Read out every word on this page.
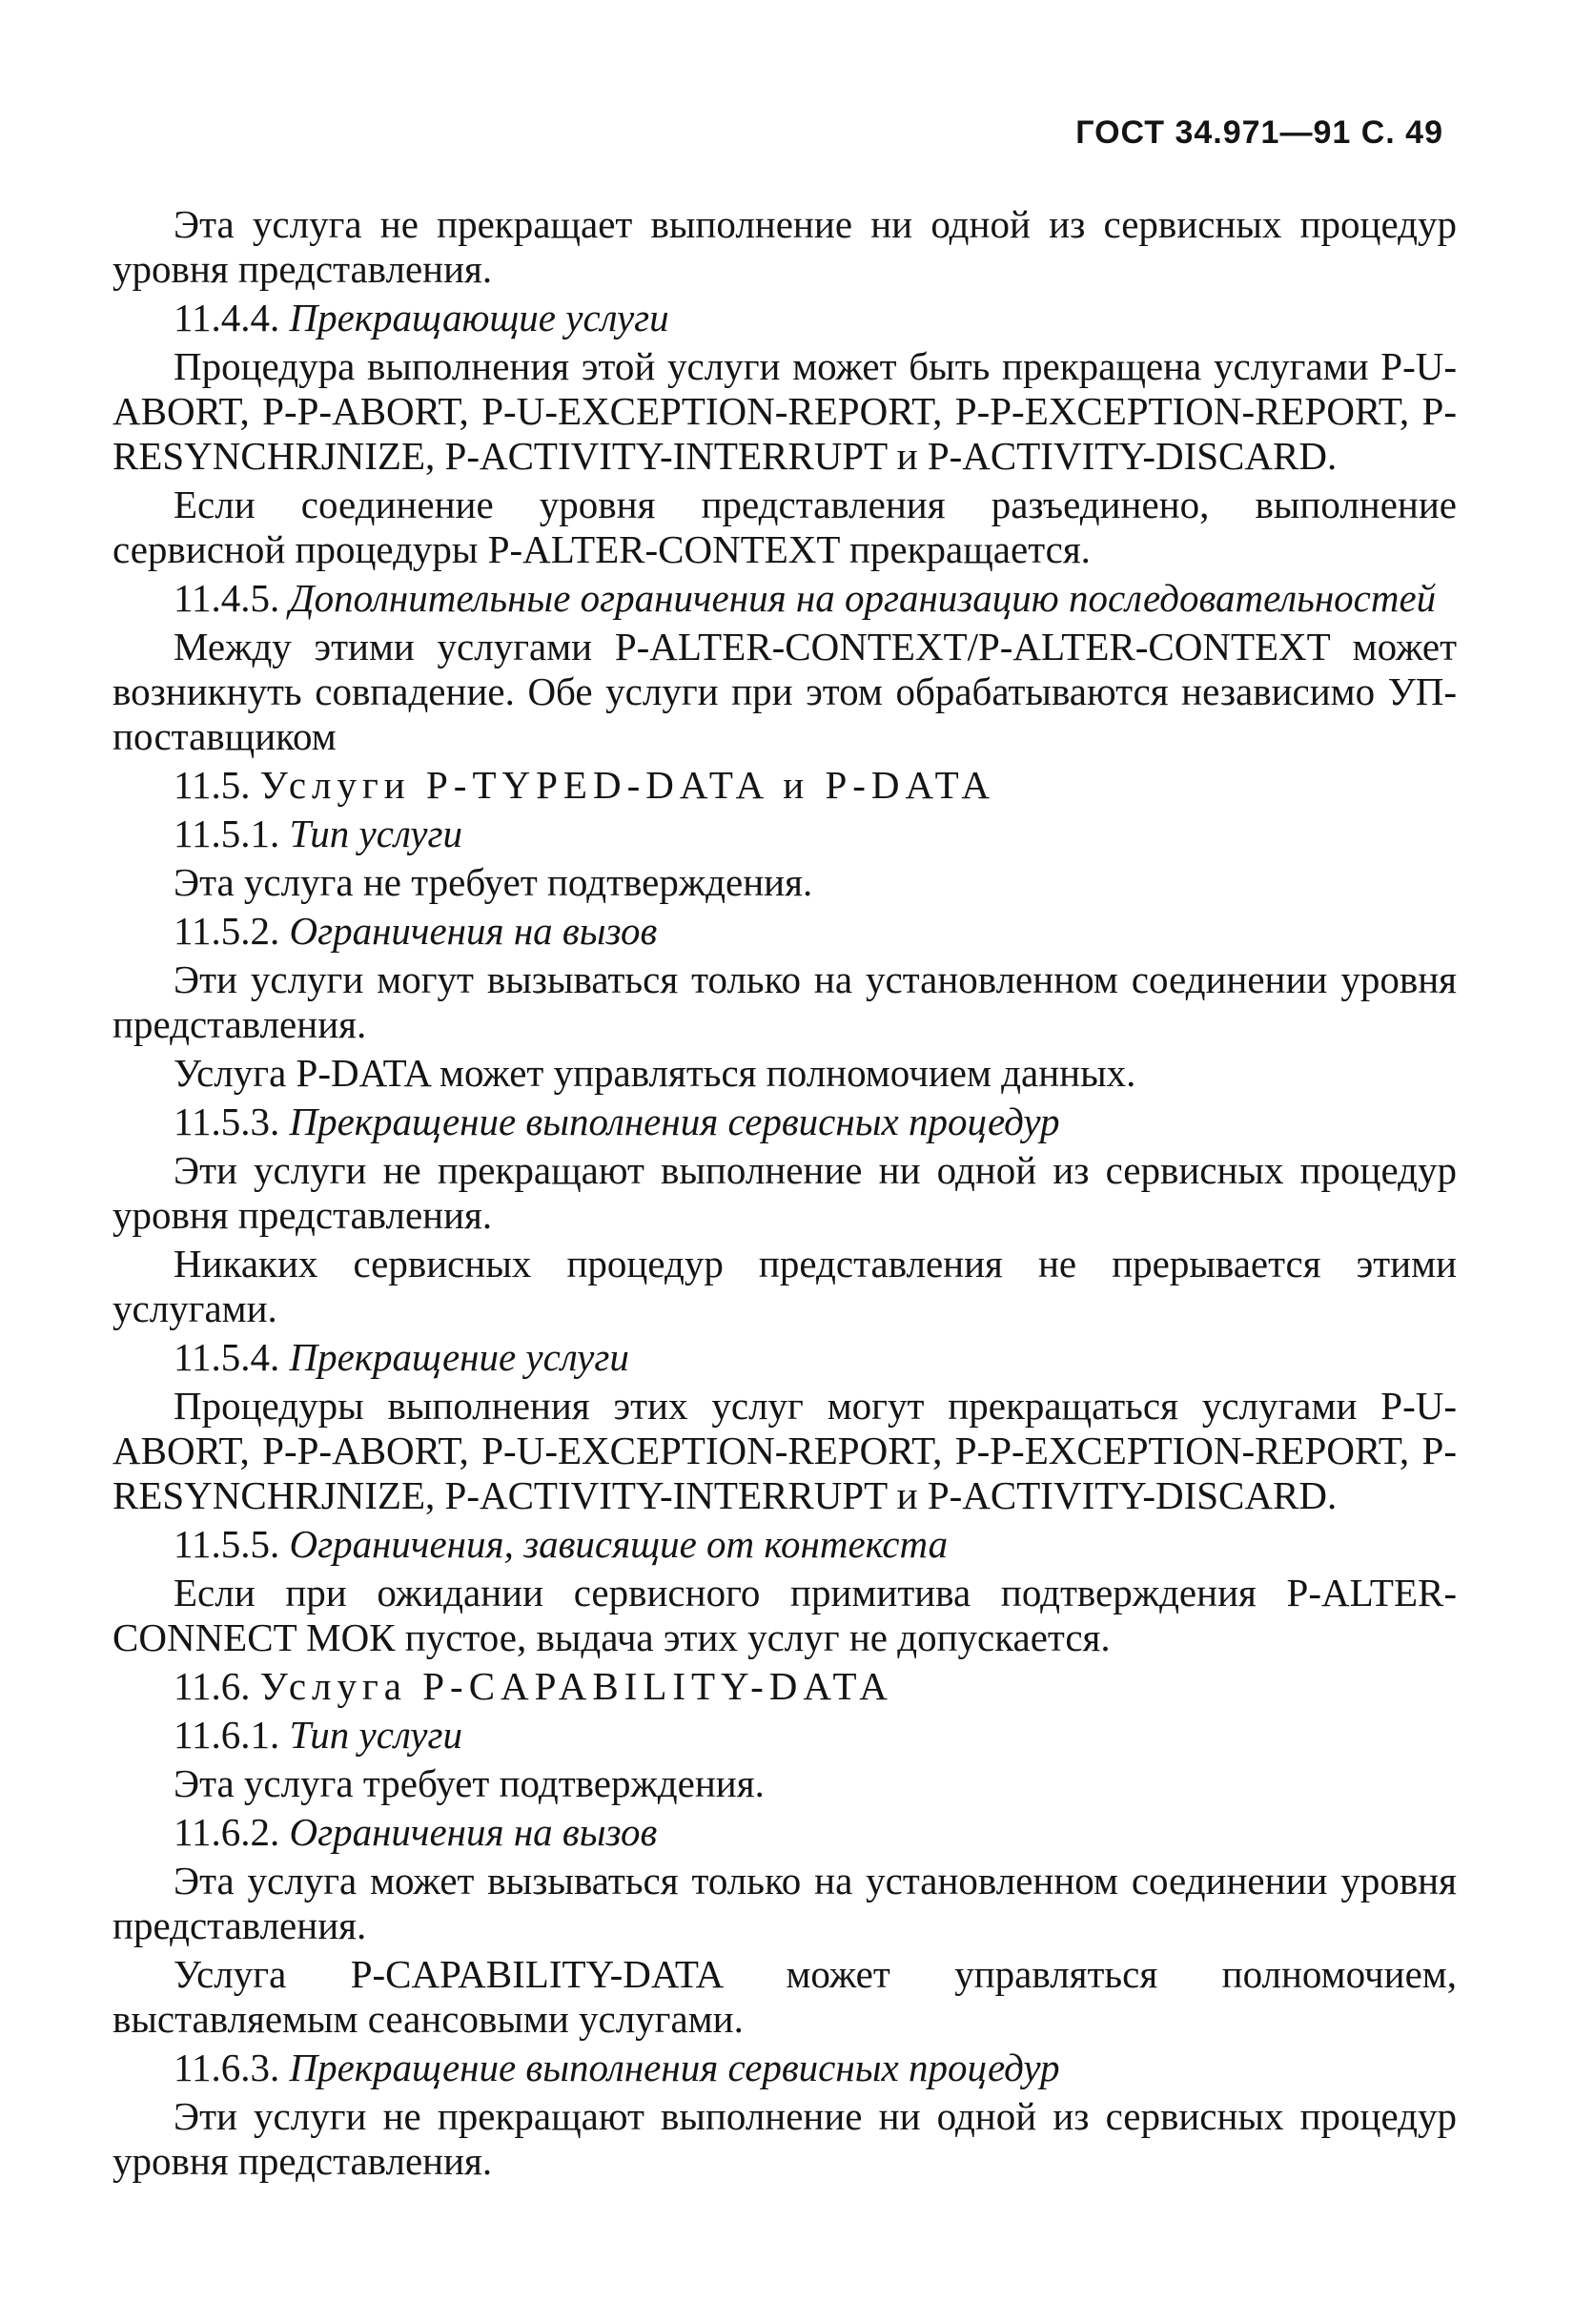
ГОСТ 34.971—91 С. 49

Эта услуга не прекращает выполнение ни одной из сервисных процедур уровня представления.

11.4.4. Прекращающие услуги

Процедура выполнения этой услуги может быть прекращена услугами P-U-ABORT, P-P-ABORT, P-U-EXCEPTION-REPORT, P-P-EXCEPTION-REPORT, P-RESYNCHRJNIZE, P-ACTIVITY-INTERRUPT и P-ACTIVITY-DISCARD.

Если соединение уровня представления разъединено, выполнение сервисной процедуры P-ALTER-CONTEXT прекращается.

11.4.5. Дополнительные ограничения на организацию последовательностей

Между этими услугами P-ALTER-CONTEXT/P-ALTER-CONTEXT может возникнуть совпадение. Обе услуги при этом обрабатываются независимо УП-поставщиком

11.5. Услуги P-TYPED-DATA и P-DATA

11.5.1. Тип услуги

Эта услуга не требует подтверждения.

11.5.2. Ограничения на вызов

Эти услуги могут вызываться только на установленном соединении уровня представления.

Услуга P-DATA может управляться полномочием данных.

11.5.3. Прекращение выполнения сервисных процедур

Эти услуги не прекращают выполнение ни одной из сервисных процедур уровня представления.

Никаких сервисных процедур представления не прерывается этими услугами.

11.5.4. Прекращение услуги

Процедуры выполнения этих услуг могут прекращаться услугами P-U-ABORT, P-P-ABORT, P-U-EXCEPTION-REPORT, P-P-EXCEPTION-REPORT, P-RESYNCHRJNIZE, P-ACTIVITY-INTERRUPT и P-ACTIVITY-DISCARD.

11.5.5. Ограничения, зависящие от контекста

Если при ожидании сервисного примитива подтверждения P-ALTER-CONNECT МОК пустое, выдача этих услуг не допускается.

11.6. Услуга P-CAPABILITY-DATA

11.6.1. Тип услуги

Эта услуга требует подтверждения.

11.6.2. Ограничения на вызов

Эта услуга может вызываться только на установленном соединении уровня представления.

Услуга P-CAPABILITY-DATA может управляться полномочием, выставляемым сеансовыми услугами.

11.6.3. Прекращение выполнения сервисных процедур

Эти услуги не прекращают выполнение ни одной из сервисных процедур уровня представления.
